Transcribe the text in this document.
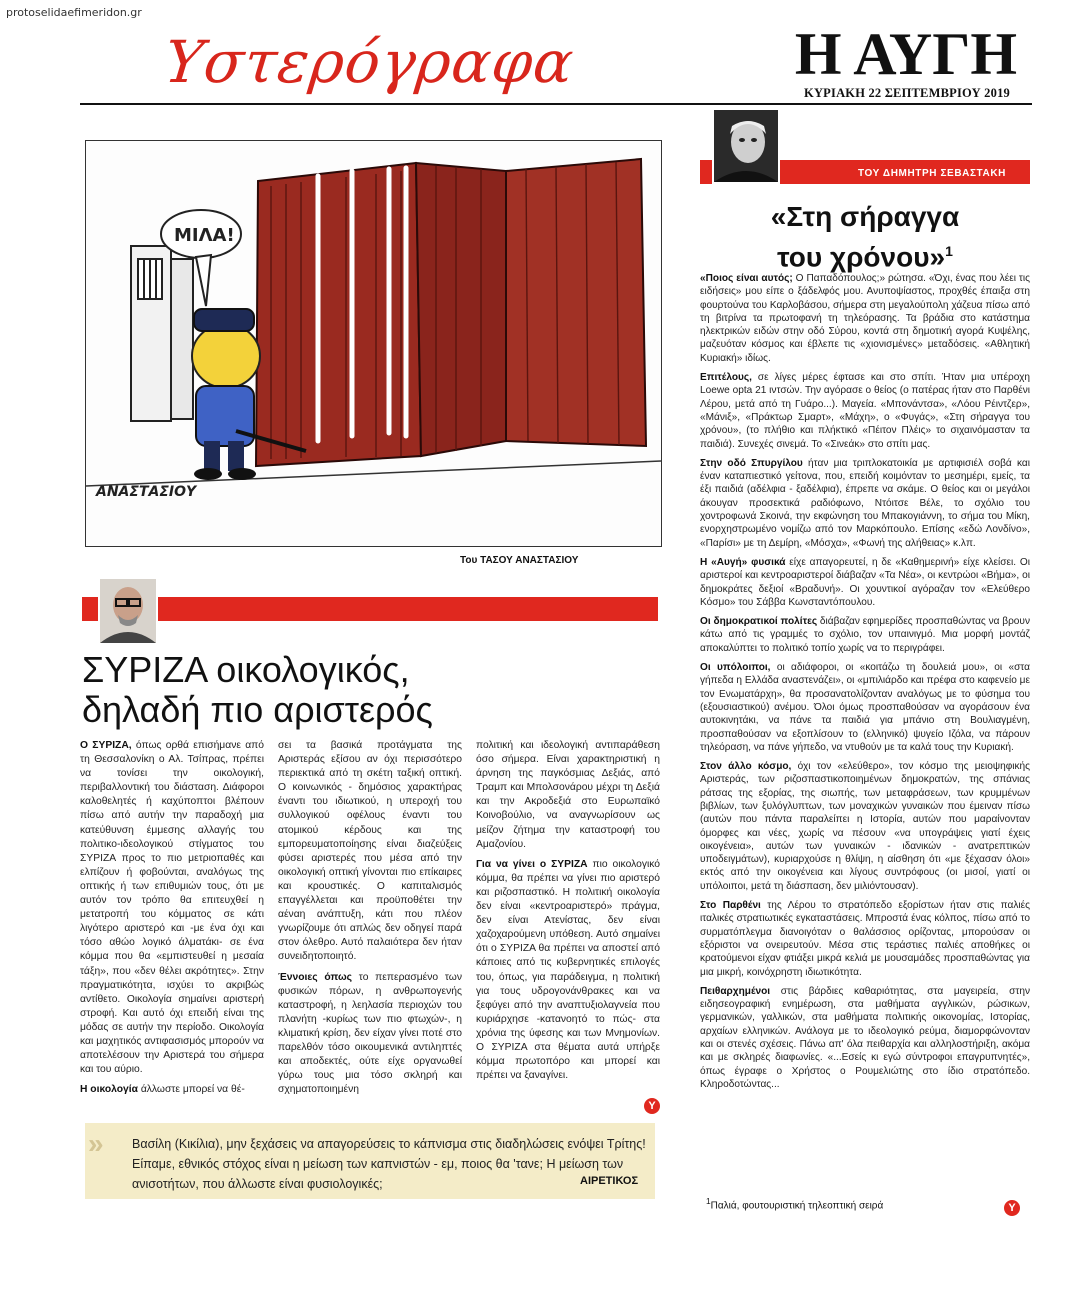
protoselidaefimeridon.gr
Υστερόγραφα	Η ΑΥΓΗ
ΚΥΡΙΑΚΗ 22 ΣΕΠΤΕΜΒΡΙΟΥ 2019
ΜΙΛΑ!
ΑΝΑΣΤΑΣΙΟΥ
Του ΤΑΣΟΥ ΑΝΑΣΤΑΣΙΟΥ
ΤΟΥ ΓΙΩΡΓΟΥ ΚΥΡΙΤΣΗ
ΣΥΡΙΖΑ οικολογικός,
δηλαδή πιο αριστερός

Ο ΣΥΡΙΖΑ, όπως ορθά επισήμανε από τη Θεσσαλονίκη ο Αλ. Τσίπρας, πρέπει να τονίσει την οικολογική, περιβαλλοντική του διάσταση. Διάφοροι καλοθελητές ή καχύποπτοι βλέπουν πίσω από αυτήν την παραδοχή μια κατεύθυνση έμμεσης αλλαγής του πολιτικο-ιδεολογικού στίγματος του ΣΥΡΙΖΑ προς το πιο μετριοπαθές και ελπίζουν ή φοβούνται, αναλόγως της οπτικής ή των επιθυμιών τους, ότι με αυτόν τον τρόπο θα επιτευχθεί η μετατροπή του κόμματος σε κάτι λιγότερο αριστερό και -με ένα όχι και τόσο αθώο λογικό άλματάκι- σε ένα κόμμα που θα «εμπιστευθεί η μεσαία τάξη», που «δεν θέλει ακρότητες». Στην πραγματικότητα, ισχύει το ακριβώς αντίθετο. Οικολογία σημαίνει αριστερή στροφή. Και αυτό όχι επειδή είναι της μόδας σε αυτήν την περίοδο. Οικολογία και μαχητικός αντιφασισμός μπορούν να αποτελέσουν την Αριστερά του σήμερα και του αύριο.

Η οικολογία άλλωστε μπορεί να θέ-

σει τα βασικά προτάγματα της Αριστεράς εξίσου αν όχι περισσότερο περιεκτικά από τη σκέτη ταξική οπτική. Ο κοινωνικός - δημόσιος χαρακτήρας έναντι του ιδιωτικού, η υπεροχή του συλλογικού οφέλους έναντι του ατομικού κέρδους και της εμπορευματοποίησης είναι διαζεύξεις φύσει αριστερές που μέσα από την οικολογική οπτική γίνονται πιο επίκαιρες και κρουστικές. Ο καπιταλισμός επαγγέλλεται και προϋποθέτει την αέναη ανάπτυξη, κάτι που πλέον γνωρίζουμε ότι απλώς δεν οδηγεί παρά στον όλεθρο. Αυτό παλαιότερα δεν ήταν συνειδητοποιητό.

Έννοιες όπως το πεπερασμένο των φυσικών πόρων, η ανθρωπογενής καταστροφή, η λεηλασία περιοχών του πλανήτη -κυρίως των πιο φτωχών-, η κλιματική κρίση, δεν είχαν γίνει ποτέ στο παρελθόν τόσο οικουμενικά αντιληπτές και αποδεκτές, ούτε είχε οργανωθεί γύρω τους μια τόσο σκληρή και σχηματοποιημένη

πολιτική και ιδεολογική αντιπαράθεση όσο σήμερα. Είναι χαρακτηριστική η άρνηση της παγκόσμιας Δεξιάς, από Τραμπ και Μπολσονάρου μέχρι τη Δεξιά και την Ακροδεξιά στο Ευρωπαϊκό Κοινοβούλιο, να αναγνωρίσουν ως μείζον ζήτημα την καταστροφή του Αμαζονίου.

Για να γίνει ο ΣΥΡΙΖΑ πιο οικολογικό κόμμα, θα πρέπει να γίνει πιο αριστερό και ριζοσπαστικό. Η πολιτική οικολογία δεν είναι «κεντροαριστερό» πράγμα, δεν είναι Ατενίστας, δεν είναι χαζοχαρούμενη υπόθεση. Αυτό σημαίνει ότι ο ΣΥΡΙΖΑ θα πρέπει να αποστεί από κάποιες από τις κυβερνητικές επιλογές του, όπως, για παράδειγμα, η πολιτική για τους υδρογονάνθρακες και να ξεφύγει από την αναπτυξιολαγνεία που κυριάρχησε -κατανοητό το πώς- στα χρόνια της ύφεσης και των Μνημονίων. Ο ΣΥΡΙΖΑ στα θέματα αυτά υπήρξε κόμμα πρωτοπόρο και μπορεί και πρέπει να ξαναγίνει.

Y
» Βασίλη (Κικίλια), μην ξεχάσεις να απαγορεύσεις το κάπνισμα στις διαδηλώσεις ενόψει Τρίτης! Είπαμε, εθνικός στόχος είναι η μείωση των καπνιστών - εμ, ποιος θα 'τανε; Η μείωση των ανισοτήτων, που άλλωστε είναι φυσιολογικές;	ΑΙΡΕΤΙΚΟΣ
ΤΟΥ ΔΗΜΗΤΡΗ ΣΕΒΑΣΤΑΚΗ
«Στη σήραγγα
του χρόνου»$^1$

«Ποιος είναι αυτός; Ο Παπαδόπουλος;» ρώτησα. «Όχι, ένας που λέει τις ειδήσεις» μου είπε ο ξάδελφός μου. Ανυποψίαστος, προχθές έπαιξα στη φουρτούνα του Καρλοβάσου, σήμερα στη μεγαλούπολη χάζευα πίσω από τη βιτρίνα τα πρωτοφανή τη τηλεόρασης. Τα βράδια στο κατάστημα ηλεκτρικών ειδών στην οδό Σύρου, κοντά στη δημοτική αγορά Κυψέλης, μαζευόταν κόσμος και έβλεπε τις «χιονισμένες» μεταδόσεις. «Αθλητική Κυριακή» ιδίως.

Επιτέλους, σε λίγες μέρες έφτασε και στο σπίτι. Ήταν μια υπέροχη Loewe opta 21 ιντσών. Την αγόρασε ο θείος (ο πατέρας ήταν στο Παρθένι Λέρου, μετά από τη Γυάρο...). Μαγεία. «Μπονάντσα», «Λόου Ρέιντζερ», «Μάνιξ», «Πράκτωρ Σμαρτ», «Μάχη», ο «Φυγάς», «Στη σήραγγα του χρόνου», (το πλήθιο και πλήκτικό «Πέιτον Πλέις» το σιχαινόμασταν τα παιδιά). Συνεχές σινεμά. Το «Σινεάκ» στο σπίτι μας.

Στην οδό Σπυργίλου ήταν μια τριπλοκατοικία με αρτιφισιέλ σοβά και έναν καταπιεστικό γείτονα, που, επειδή κοιμόνταν το μεσημέρι, εμείς, τα έξι παιδιά (αδέλφια - ξαδέλφια), έπρεπε να σκάμε. Ο θείος και οι μεγάλοι άκουγαν προσεκτικά ραδιόφωνο, Ντόιτσε Βέλε, το σχόλιο του χοντροφωνά Σκοινά, την εκφώνηση του Μπακογιάννη, το σήμα του Μίκη, ενορχηστρωμένο νομίζω από τον Μαρκόπουλο. Επίσης «εδώ Λονδίνο», «Παρίσι» με τη Δεμίρη, «Μόσχα», «Φωνή της αλήθειας» κ.λπ.

Η «Αυγή» φυσικά είχε απαγορευτεί, η δε «Καθημερινή» είχε κλείσει. Οι αριστεροί και κεντροαριστεροί διάβαζαν «Τα Νέα», οι κεντρώοι «Βήμα», οι δημοκράτες δεξιοί «Βραδυνή». Οι χουντικοί αγόραζαν τον «Ελεύθερο Κόσμο» του Σάββα Κωνσταντόπουλου.

Οι δημοκρατικοί πολίτες διάβαζαν εφημερίδες προσπαθώντας να βρουν κάτω από τις γραμμές το σχόλιο, τον υπαινιγμό. Μια μορφή μοντάζ αποκαλύπτει το πολιτικό τοπίο χωρίς να το περιγράφει.

Οι υπόλοιποι, οι αδιάφοροι, οι «κοιτάζω τη δουλειά μου», οι «στα γήπεδα η Ελλάδα αναστενάζει», οι «μπιλιάρδο και πρέφα στο καφενείο με τον Ενωματάρχη», θα προσανατολίζονταν αναλόγως με το φύσημα του (εξουσιαστικού) ανέμου. Όλοι όμως προσπαθούσαν να αγοράσουν ένα αυτοκινητάκι, να πάνε τα παιδιά για μπάνιο στη Βουλιαγμένη, προσπαθούσαν να εξοπλίσουν το (ελληνικό) ψυγείο Ιζόλα, να πάρουν τηλεόραση, να πάνε γήπεδο, να ντυθούν με τα καλά τους την Κυριακή.

Στον άλλο κόσμο, όχι τον «ελεύθερο», τον κόσμο της μειοψηφικής Αριστεράς, των ριζοσπαστικοποιημένων δημοκρατών, της σπάνιας ράτσας της εξορίας, της σιωπής, των μεταφράσεων, των κρυμμένων βιβλίων, των ξυλόγλυπτων, των μοναχικών γυναικών που έμειναν πίσω (αυτών που πάντα παραλείπει η Ιστορία, αυτών που μαραίνονταν όμορφες και νέες, χωρίς να πέσουν «να υπογράψεις γιατί έχεις οικογένεια», αυτών των γυναικών - ιδανικών - ανατρεπτικών υποδειγμάτων), κυριαρχούσε η θλίψη, η αίσθηση ότι «με ξέχασαν όλοι» εκτός από την οικογένεια και λίγους συντρόφους (οι μισοί, γιατί οι υπόλοιποι, μετά τη διάσπαση, δεν μιλιόντουσαν).

Στο Παρθένι της Λέρου το στρατόπεδο εξορίστων ήταν στις παλιές ιταλικές στρατιωτικές εγκαταστάσεις. Μπροστά ένας κόλπος, πίσω από το συρματόπλεγμα διανοιγόταν ο θαλάσσιος ορίζοντας, μπορούσαν οι εξόριστοι να ονειρευτούν. Μέσα στις τεράστιες παλιές αποθήκες οι κρατούμενοι είχαν φτιάξει μικρά κελιά με μουσαμάδες προσπαθώντας για μια μικρή, κοινόχρηστη ιδιωτικότητα.

Πειθαρχημένοι στις βάρδιες καθαριότητας, στα μαγειρεία, στην ειδησεογραφική ενημέρωση, στα μαθήματα αγγλικών, ρώσικων, γερμανικών, γαλλικών, στα μαθήματα πολιτικής οικονομίας, Ιστορίας, αρχαίων ελληνικών. Ανάλογα με το ιδεολογικό ρεύμα, διαμορφώνονταν και οι στενές σχέσεις. Πάνω απ' όλα πειθαρχία και αλληλοστήριξη, ακόμα και με σκληρές διαφωνίες. «...Εσείς κι εγώ σύντροφοι επαγρυπνητές», όπως έγραφε ο Χρήστος ο Ρουμελιώτης στο ίδιο στρατόπεδο. Κληροδοτώντας...

$^1$Παλιά, φουτουριστική τηλεοπτική σειρά	Y
